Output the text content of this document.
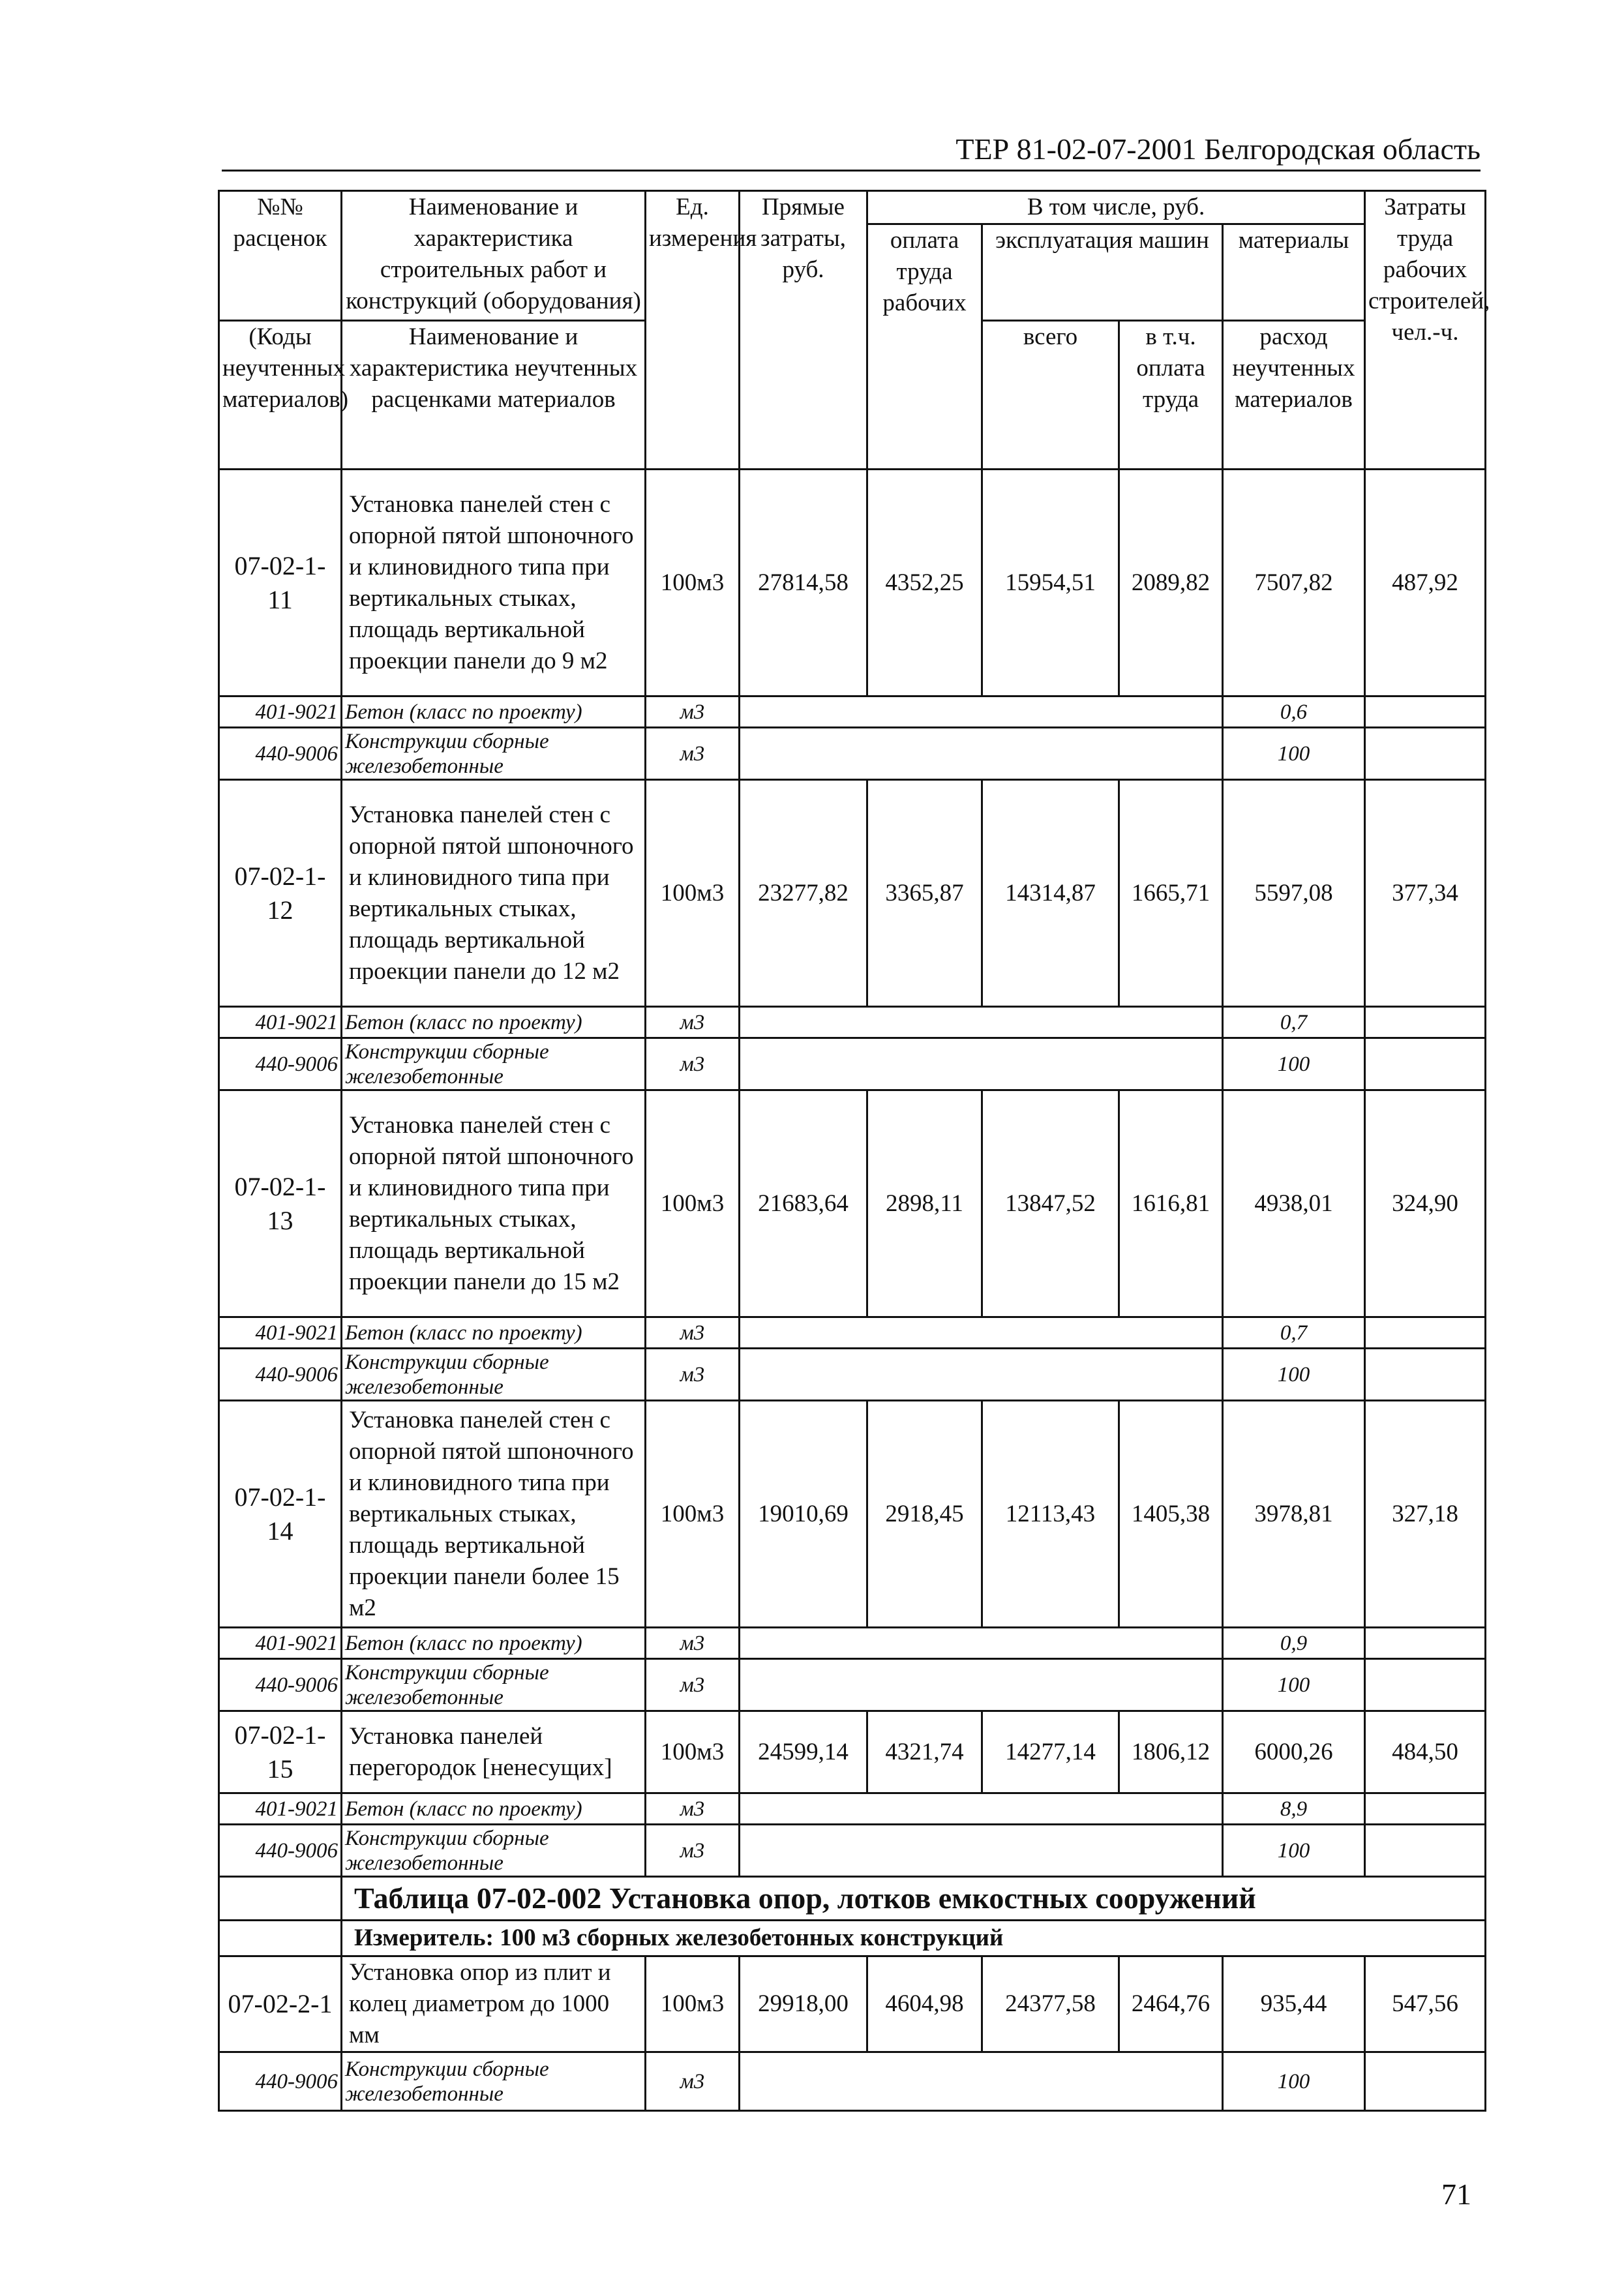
ТЕР 81-02-07-2001 Белгородская область
№№ расценок	Наименование и характеристика строительных работ и конструкций (оборудования)	Ед. измерения	Прямые затраты, руб.	В том числе, руб.				Затраты труда рабочих строителей, чел.-ч.
				оплата труда рабочих	эксплуатация машин		материалы	
(Коды неучтенных материалов)	Наименование и характеристика неучтенных расценками материалов				всего	в т.ч. оплата труда	расход неучтенных материалов	
07-02-1-11	Установка панелей стен с опорной пятой шпоночного и клиновидного типа при вертикальных стыках, площадь вертикальной проекции панели до 9 м2	100м3	27814,58	4352,25	15954,51	2089,82	7507,82	487,92
401-9021	Бетон (класс по проекту)	м3					0,6	
440-9006	Конструкции сборные железобетонные	м3					100	
07-02-1-12	Установка панелей стен с опорной пятой шпоночного и клиновидного типа при вертикальных стыках, площадь вертикальной проекции панели до 12 м2	100м3	23277,82	3365,87	14314,87	1665,71	5597,08	377,34
401-9021	Бетон (класс по проекту)	м3					0,7	
440-9006	Конструкции сборные железобетонные	м3					100	
07-02-1-13	Установка панелей стен с опорной пятой шпоночного и клиновидного типа при вертикальных стыках, площадь вертикальной проекции панели до 15 м2	100м3	21683,64	2898,11	13847,52	1616,81	4938,01	324,90
401-9021	Бетон (класс по проекту)	м3					0,7	
440-9006	Конструкции сборные железобетонные	м3					100	
07-02-1-14	Установка панелей стен с опорной пятой шпоночного и клиновидного типа при вертикальных стыках, площадь вертикальной проекции панели более 15 м2	100м3	19010,69	2918,45	12113,43	1405,38	3978,81	327,18
401-9021	Бетон (класс по проекту)	м3					0,9	
440-9006	Конструкции сборные железобетонные	м3					100	
07-02-1-15	Установка панелей перегородок [ненесущих]	100м3	24599,14	4321,74	14277,14	1806,12	6000,26	484,50
401-9021	Бетон (класс по проекту)	м3					8,9	
440-9006	Конструкции сборные железобетонные	м3					100	
	Таблица 07-02-002 Установка опор, лотков емкостных сооружений							
	Измеритель: 100 м3 сборных железобетонных конструкций							
07-02-2-1	Установка опор из плит и колец диаметром до 1000 мм	100м3	29918,00	4604,98	24377,58	2464,76	935,44	547,56
440-9006	Конструкции сборные железобетонные	м3					100	
71
